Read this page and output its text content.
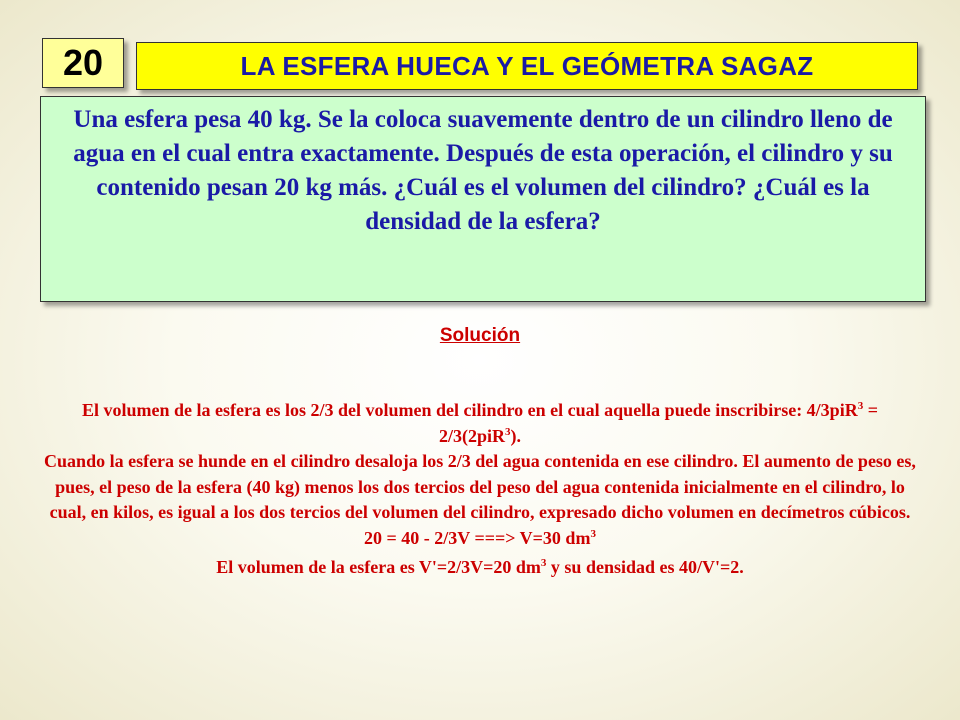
20	LA ESFERA HUECA Y EL GEÓMETRA SAGAZ
Una esfera pesa 40 kg. Se la coloca suavemente dentro de un cilindro lleno de agua en el cual entra exactamente. Después de esta operación, el cilindro y su contenido pesan 20 kg más. ¿Cuál es el volumen del cilindro? ¿Cuál es la densidad de la esfera?
Solución

El volumen de la esfera es los 2/3 del volumen del cilindro en el cual aquella puede inscribirse: 4/3piR$^3$ = 2/3(2piR$^3$).

Cuando la esfera se hunde en el cilindro desaloja los 2/3 del agua contenida en ese cilindro. El aumento de peso es, pues, el peso de la esfera (40 kg) menos los dos tercios del peso del agua contenida inicialmente en el cilindro, lo cual, en kilos, es igual a los dos tercios del volumen del cilindro, expresado dicho volumen en decímetros cúbicos.

20 = 40 - 2/3V ===> V=30 $dm^3$

El volumen de la esfera es V'=2/3V=20 $dm^3$ y su densidad es 40/V'=2.
